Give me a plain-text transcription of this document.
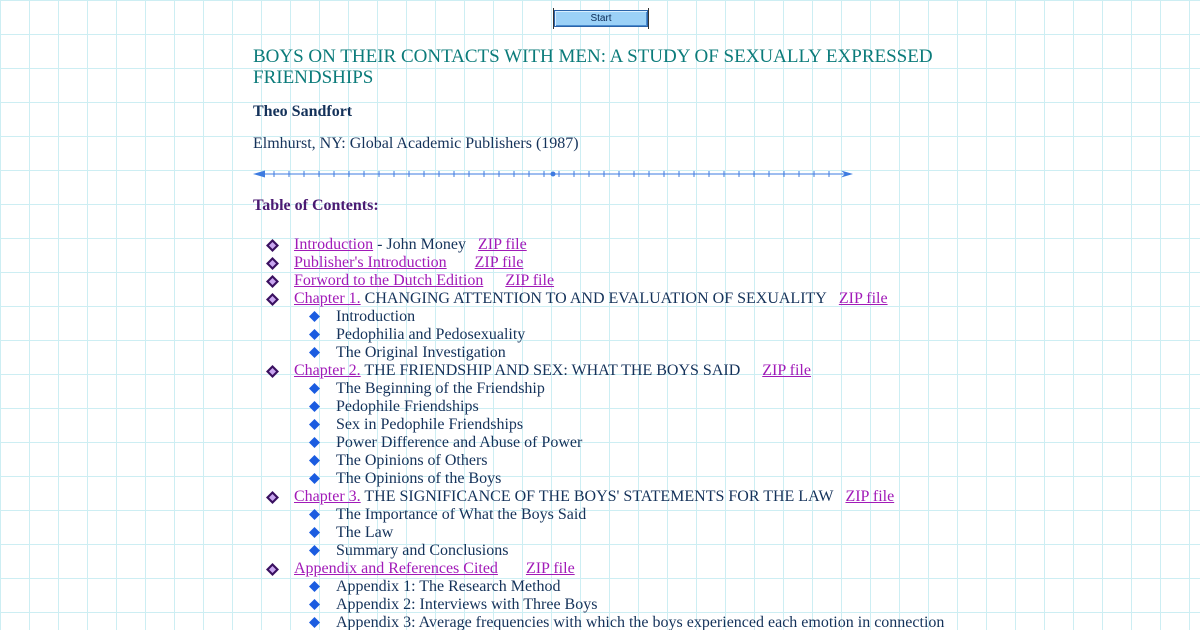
Start
BOYS ON THEIR CONTACTS WITH MEN: A STUDY OF SEXUALLY EXPRESSED FRIENDSHIPS
Theo Sandfort
Elmhurst, NY: Global Academic Publishers (1987)
Table of Contents:
Introduction - John Money ZIP file
Publisher's Introduction ZIP file
Forword to the Dutch Edition ZIP file
Chapter 1. CHANGING ATTENTION TO AND EVALUATION OF SEXUALITY ZIP file
Introduction
Pedophilia and Pedosexuality
The Original Investigation
Chapter 2. THE FRIENDSHIP AND SEX: WHAT THE BOYS SAID ZIP file
The Beginning of the Friendship
Pedophile Friendships
Sex in Pedophile Friendships
Power Difference and Abuse of Power
The Opinions of Others
The Opinions of the Boys
Chapter 3. THE SIGNIFICANCE OF THE BOYS' STATEMENTS FOR THE LAW ZIP file
The Importance of What the Boys Said
The Law
Summary and Conclusions
Appendix and References Cited ZIP file
Appendix 1: The Research Method
Appendix 2: Interviews with Three Boys
Appendix 3: Average frequencies with which the boys experienced each emotion in connection
